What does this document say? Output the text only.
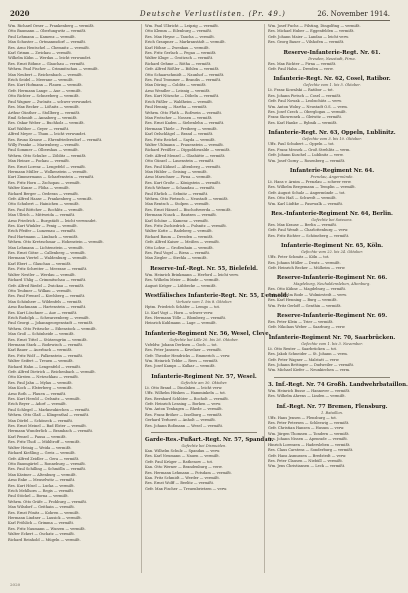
2020	Deutsche Verlustlisten. (Pr. 49.)	26. November 1914.
Wm. Richard Oeser — Frankenberg — vermißt.
Otto Baumann — Oberlungwitz — vermißt.
Paul Lehmann — Kamenz — vermißt.
Max Schuster — Ortmannsdorf — vermißt.
Res. Arno Hentschel — Chemnitz — vermißt.
Karl Grimm — Zwickau — vermißt.
Wilhelm Kühn — Werdau — leicht verwundet.
Res. Ernst Böhme — Glauchau — vermißt.
Wehrm. Paul Fischer — Crimmitschau — vermißt.
Max Neubert — Reichenbach — vermißt.
Erich Seidel — Meerane — vermißt.
Res. Kurt Hofmann — Plauen — vermißt.
Gefr. Hermann Lange — Aue — vermißt.
Otto Richter — Schneeberg — vermißt.
Paul Wagner — Zwönitz — schwer verwundet.
Res. Max Becker — Lößnitz — vermißt.
Arthur Günther — Stollberg — vermißt.
Emil Schmidt — Annaberg — vermißt.
Res. Oskar Weber — Buchholz — vermißt.
Karl Walther — Geyer — vermißt.
Alfred Meyer — Thum — leicht verwundet.
Res. Bruno Krause — Ehrenfriedersdorf — vermißt.
Willy Franke — Marienberg — vermißt.
Paul Sommer — Olbernhau — vermißt.
Wehrm. Otto Schulze — Zöblitz — vermißt.
Max Heinze — Pockau — vermißt.
Res. Ernst Lorenz — Lengefeld — vermißt.
Hermann Müller — Wolkenstein — vermißt.
Kurt Zimmermann — Scharfenstein — vermißt.
Res. Fritz Horn — Zschopau — vermißt.
Walter Kunze — Flöha — vermißt.
Richard Berger — Oederan — vermißt.
Gefr. Alfred Haase — Frankenberg — vermißt.
Otto Schubert — Hainichen — vermißt.
Res. Paul Böttcher — Rochlitz — vermißt.
Max Ullrich — Mittweida — vermißt.
Arno Friedrich — Burgstädt — leicht verwundet.
Res. Kurt Winkler — Penig — vermißt.
Erich Pfeifer — Lunzenau — vermißt.
Paul Hartmann — Limbach — vermißt.
Wehrm. Otto Kretzschmar — Hohenstein — vermißt.
Max Lehmann — Lichtenstein — vermißt.
Res. Ernst Götze — Callenberg — vermißt.
Hermann Viertel — Waldenburg — vermißt.
Karl Ebert — Glauchau — vermißt.
Res. Fritz Schreiter — Meerane — vermißt.
Walter Nestler — Werdau — vermißt.
Richard Uhlig — Crimmitschau — vermißt.
Gefr. Alfred Riedel — Zwickau — vermißt.
Otto Teubner — Wilkau — vermißt.
Res. Paul Frenzel — Kirchberg — vermißt.
Max Schönherr — Wildenfels — vermißt.
Arno Bachmann — Hartenstein — vermißt.
Res. Kurt Löschner — Aue — vermißt.
Erich Rudolph — Schwarzenberg — vermißt.
Paul Georgi — Johanngeorgenstadt — vermißt.
Wehrm. Otto Fritzsche — Eibenstock — vermißt.
Max Groß — Schönheide — vermißt.
Res. Ernst Tittel — Stützengrün — vermißt.
Hermann Stark — Rodewisch — vermißt.
Karl Bauer — Auerbach — vermißt.
Res. Fritz Wolf — Falkenstein — vermißt.
Walter Seifert — Treuen — vermißt.
Richard Hahn — Lengenfeld — vermißt.
Gefr. Alfred Dietrich — Reichenbach — vermißt.
Otto Kirsten — Netzschkau — vermißt.
Res. Paul Jahn — Mylau — vermißt.
Max Koch — Elsterberg — vermißt.
Arno Roth — Plauen — vermißt.
Res. Kurt Herold — Oelsnitz — vermißt.
Erich Beyer — Adorf — vermißt.
Paul Schlegel — Markneukirchen — vermißt.
Wehrm. Otto Glaß — Klingenthal — vermißt.
Max Dörfel — Schöneck — vermißt.
Res. Ernst Meinel — Bad Elster — vermißt.
Hermann Wunderlich — Brambach — vermißt.
Karl Penzel — Pausa — vermißt.
Res. Fritz Thoß — Mühltroff — vermißt.
Walter Heinig — Weida — vermißt.
Richard Kießling — Greiz — vermißt.
Gefr. Alfred Zeidler — Gera — vermißt.
Otto Baumgärtel — Ronneburg — vermißt.
Res. Paul Schilling — Schmölln — vermißt.
Max Kästner — Altenburg — vermißt.
Arno Enke — Meuselwitz — vermißt.
Res. Kurt Hösel — Lucka — vermißt.
Erich Mehlhorn — Regis — vermißt.
Paul Stöckel — Borna — vermißt.
Wehrm. Otto Gräfe — Frohburg — vermißt.
Max Wilsdorf — Geithain — vermißt.
Res. Ernst Pönitz — Kohren — vermißt.
Hermann Lindner — Lausick — vermißt.
Karl Fröhlich — Grimma — vermißt.
Res. Fritz Naumann — Wurzen — vermißt.
Walter Eckert — Oschatz — vermißt.
Richard Reinhold — Mügeln — vermißt.
Wm. Paul Ulbricht — Leipzig — vermißt.
Otto Klemm — Eilenburg — vermißt.
Res. Max Heyne — Taucha — vermißt.
Erich Graupner — Markranstädt — vermißt.
Karl Höhne — Zwenkau — vermißt.
Res. Fritz Gerlach — Pegau — vermißt.
Walter Kluge — Groitzsch — vermißt.
Richard Oehme — Rötha — vermißt.
Gefr. Alfred Rößler — Böhlen — vermißt.
Otto Schaarschmidt — Naunhof — vermißt.
Res. Paul Trommer — Brandis — vermißt.
Max Döring — Colditz — vermißt.
Arno Wendler — Leisnig — vermißt.
Res. Kurt Nitzsche — Döbeln — vermißt.
Erich Päßler — Waldheim — vermißt.
Paul Hennig — Hartha — vermißt.
Wehrm. Otto Flath — Roßwein — vermißt.
Max Frotscher — Nossen — vermißt.
Res. Ernst Kaden — Siebenlehn — vermißt.
Hermann Thiele — Freiberg — vermißt.
Karl Oelschlägel — Brand — vermißt.
Res. Fritz Reichel — Sayda — vermißt.
Walter Uhlmann — Frauenstein — vermißt.
Richard Preißler — Dippoldiswalde — vermißt.
Gefr. Alfred Menzel — Glashütte — vermißt.
Otto Günzel — Lauenstein — vermißt.
Res. Paul Kühnel — Altenberg — vermißt.
Max Hübler — Geising — vermißt.
Arno Marschner — Pirna — vermißt.
Res. Kurt Große — Königstein — vermißt.
Erich Wehner — Schandau — vermißt.
Paul Ehrlich — Sebnitz — vermißt.
Wehrm. Otto Pietzsch — Neustadt — vermißt.
Max Rentsch — Stolpen — vermißt.
Res. Ernst Hänsel — Bischofswerda — vermißt.
Hermann Noack — Bautzen — vermißt.
Karl Schöne — Kamenz — vermißt.
Res. Fritz Zschiedrich — Pulsnitz — vermißt.
Walter Kotte — Radeberg — vermißt.
Richard Baum — Dresden — vermißt.
Gefr. Alfred Kaiser — Meißen — vermißt.
Otto Lohse — Großenhain — vermißt.
Res. Paul Vogel — Riesa — vermißt.
Max Ziegler — Strehla — vermißt.
Reserve-Inf.-Regt. Nr. 55, Bielefeld.
Wm. Heinrich Brinkmann — Herford — leicht verw.
Res. Wilhelm Meier — Bünde — vermißt.
August Kröger — Lübbecke — vermißt.
Westfälisches Infanterie-Regt. Nr. 55, Detmold.
Verluste vom 1. bis 8. Oktober.
Hptm. Friedrich Schäfer — Lemgo — tot.
Lt. Karl Vogt — Horn — schwer verw.
Res. Hermann Tölle — Blomberg — vermißt.
Heinrich Kuhlmann — Lage — vermißt.
Infanterie-Regiment Nr. 56, Wesel, Cleve.
Gefechte bei Lille 20. bis 26. Oktober.
Vzfeldw. Johann Derksen — Goch — tot.
Res. Peter Janssen — Kevelaer — vermißt.
Gefr. Theodor Hendricks — Emmerich — verw.
Wm. Heinrich Tebbe — Rees — vermißt.
Res. Josef Kamps — Kalkar — vermißt.
Infanterie-Regiment Nr. 57, Wesel.
Gefechte am 30. Oktober.
Lt. Otto Brand — Dinslaken — leicht verw.
Uffz. Wilhelm Hüsken — Hamminkeln — tot.
Res. Bernhard Schlüter — Bocholt — vermißt.
Gefr. Heinrich Lensing — Borken — verw.
Wm. Anton Tenhagen — Rhede — vermißt.
Res. Franz Bröker — Isselburg — vermißt.
Gerhard Terhorst — Anholt — vermißt.
Res. Johann Roßmann — Wesel — vermißt.
Garde-Res.-Fußart.-Regt. Nr. 57, Spandau.
Gefechte bei Dixmuiden.
Kan. Wilhelm Schulz — Spandau — verw.
Res. Karl Neumann — Nauen — vermißt.
Gefr. Paul Krüger — Rathenow — tot.
Kan. Otto Werner — Brandenburg — verw.
Res. Hermann Lehmann — Potsdam — vermißt.
Kan. Fritz Schmidt — Werder — vermißt.
Res. Ernst Wolff — Beelitz — vermißt.
Gefr. Max Fischer — Treuenbrietzen — verw.
Wm. Josef Fuchs — Pilsting, Dingolfing — vermißt.
Res. Michael Huber — Eggenfelden — vermißt.
Gefr. Johann Maier — Landau — leicht verw.
Res. Georg Bauer — Vilshofen — vermißt.
Reserve-Infanterie-Regt. Nr. 61.
Dresden, Neustadt, Pirna.
Res. Max Richter — Pirna — vermißt.
Gefr. Paul Hahn — Dresden — verw.
Infanterie-Regt. Nr. 62, Cosel, Ratibor.
Gefechte vom 1. bis 5. Oktober.
Lt. Franz Kowalski — Ratibor — tot.
Res. Johann Pietsch — Cosel — vermißt.
Gefr. Paul Nowak — Leobschütz — verw.
Wm. Anton Wolny — Neustadt O.S. — verm.
Res. Josef Czech — Oberglogau — vermißt.
Franz Skowronek — Gleiwitz — vermißt.
Res. Karl Hanke — Rybnik — vermißt.
Infanterie-Regt. Nr. 63, Oppeln, Lublinitz.
Gefechte vom 3. bis 10. Oktober.
Uffz. Paul Schubert — Oppeln — tot.
Res. Franz Mrosek — Groß Strehlitz — verm.
Gefr. Johann Kuschel — Lublinitz — verw.
Wm. Josef Gorny — Rosenberg — vermißt.
Infanterie-Regiment Nr. 64.
Prenzlau, Angermünde.
Lt. Hans v. Arnim — Prenzlau — schwer verw.
Res. Wilhelm Bergemann — Templin — vermißt.
Gefr. August Schulz — Angermünde — tot.
Res. Otto Haß — Schwedt — vermißt.
Wm. Karl Lüdtke — Pasewalk — vermißt.
Res.-Infanterie-Regiment Nr. 64, Berlin.
Gefechte bei Soissons.
Res. Max Krause — Berlin — vermißt.
Gefr. Paul Wendt — Charlottenburg — verw.
Res. Fritz Richter — Schöneberg — vermißt.
Infanterie-Regiment Nr. 65, Köln.
Gefechte vom 22. bis 24. Oktober.
Uffz. Peter Schmitz — Köln — tot.
Res. Johann Müller — Deutz — vermißt.
Gefr. Heinrich Becker — Mülheim — verw.
Reserve-Infanterie-Regiment Nr. 66.
Magdeburg, Neuhaldensleben, Altenburg.
Res. Otto Kühne — Magdeburg — vermißt.
Gefr. Wilhelm Bode — Wolmirstedt — verw.
Res. Karl Henning — Burg — vermißt.
Wm. Fritz Gerloff — Genthin — vermißt.
Reserve-Infanterie-Regiment Nr. 69.
Res. Peter Klein — Trier — vermißt.
Gefr. Nikolaus Weber — Saarburg — verw.
Infanterie-Regiment Nr. 70, Saarbrücken.
Gefechte vom 1. bis 3. November.
Lt. Otto Reuter — Saarbrücken — tot.
Res. Jakob Schneider — St. Johann — verm.
Gefr. Peter Wagner — Malstatt — verw.
Res. Johann Bettinger — Dudweiler — vermißt.
Wm. Michael Kiefer — Neunkirchen — verm.
3. Inf.-Regt. Nr. 74 Großh. Landwehrbataillon.
Wm. Heinrich Busse — Hannover — vermißt.
Res. Wilhelm Ahrens — Linden — vermißt.
Inf.-Regt. Nr. 77 Bremen, Flensburg.
1. Bataillon.
Uffz. Hans Jensen — Flensburg — tot.
Res. Peter Petersen — Schleswig — vermißt.
Gefr. Christian Hansen — Husum — verw.
Wm. Jürgen Thomsen — Tondern — vermißt.
Res. Johann Nissen — Apenrade — vermißt.
Hinrich Lorenzen — Hadersleben — vermißt.
Res. Claus Carstens — Sonderburg — vermißt.
Gefr. Hans Asmussen — Bredstedt — verw.
Res. Peter Clausen — Niebüll — vermißt.
Wm. Jens Christiansen — Leck — vermißt.
2020
